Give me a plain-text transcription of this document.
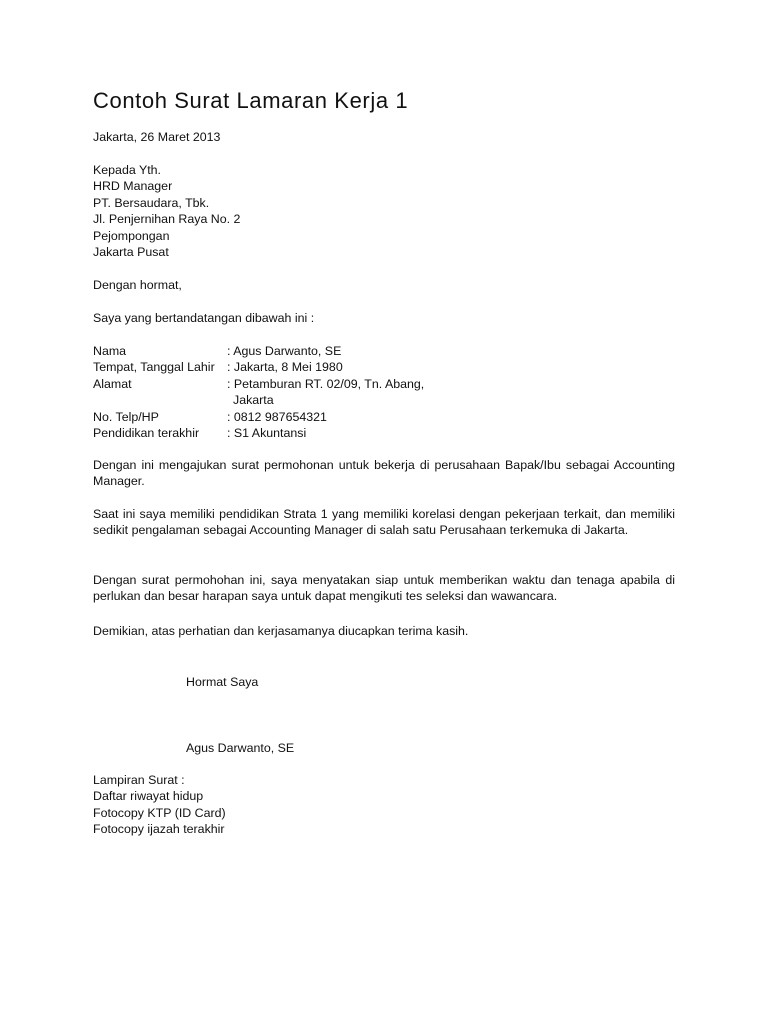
Contoh Surat Lamaran Kerja 1
Jakarta, 26 Maret 2013
Kepada Yth.
HRD Manager
PT. Bersaudara, Tbk.
Jl. Penjernihan Raya No. 2
Pejompongan
Jakarta Pusat
Dengan hormat,
Saya yang bertandatangan dibawah ini :
Nama	: Agus Darwanto, SE
Tempat, Tanggal Lahir : Jakarta, 8 Mei 1980
Alamat	: Petamburan RT. 02/09, Tn. Abang,
Jakarta
No. Telp/HP	: 0812 987654321
Pendidikan terakhir	: S1 Akuntansi

Dengan ini mengajukan surat permohonan untuk bekerja di perusahaan Bapak/Ibu sebagai Accounting Manager.

Saat ini saya memiliki pendidikan Strata 1 yang memiliki korelasi dengan pekerjaan terkait, dan memiliki sedikit pengalaman sebagai Accounting Manager di salah satu Perusahaan terkemuka di Jakarta.

Dengan surat permohohan ini, saya menyatakan siap untuk memberikan waktu dan tenaga apabila di perlukan dan besar harapan saya untuk dapat mengikuti tes seleksi dan wawancara.

Demikian, atas perhatian dan kerjasamanya diucapkan terima kasih.

Hormat Saya
Agus Darwanto, SE
Lampiran Surat :
Daftar riwayat hidup
Fotocopy KTP (ID Card)
Fotocopy ijazah terakhir
